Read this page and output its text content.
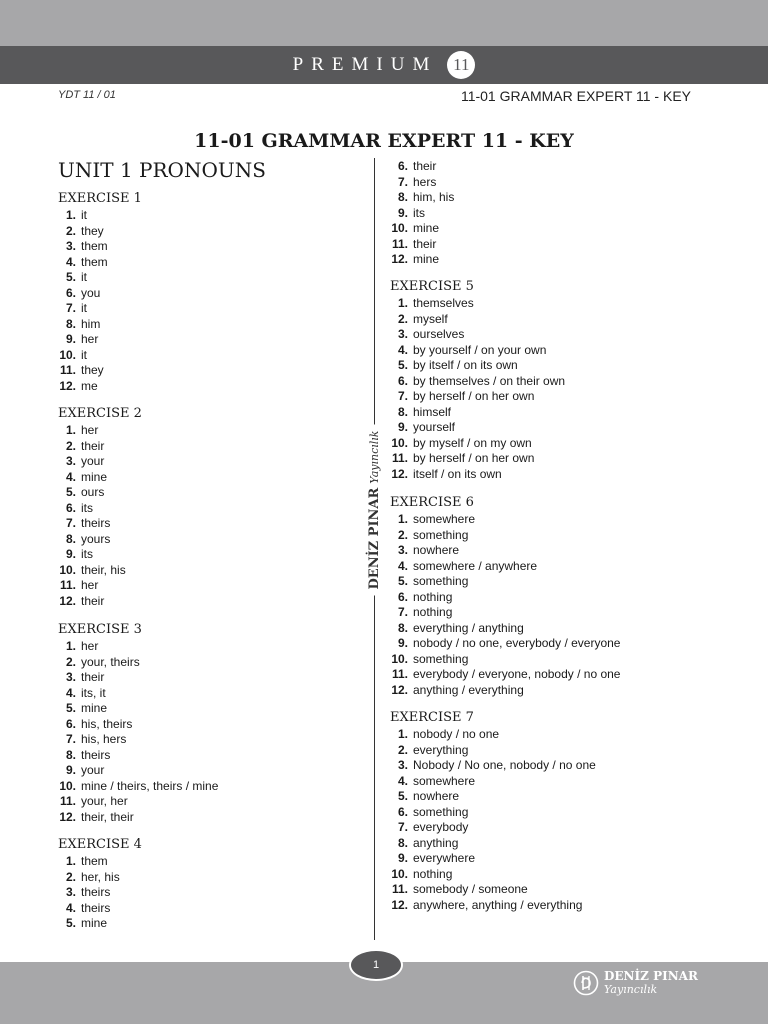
PREMIUM 11
YDT 11 / 01	11-01 GRAMMAR EXPERT 11 - KEY
11-01 GRAMMAR EXPERT 11 - KEY
UNIT 1 PRONOUNS
EXERCISE 1
1. it
2. they
3. them
4. them
5. it
6. you
7. it
8. him
9. her
10. it
11. they
12. me
EXERCISE 2
1. her
2. their
3. your
4. mine
5. ours
6. its
7. theirs
8. yours
9. its
10. their, his
11. her
12. their
EXERCISE 3
1. her
2. your, theirs
3. their
4. its, it
5. mine
6. his, theirs
7. his, hers
8. theirs
9. your
10. mine / theirs, theirs / mine
11. your, her
12. their, their
EXERCISE 4
1. them
2. her, his
3. theirs
4. theirs
5. mine
6. their
7. hers
8. him, his
9. its
10. mine
11. their
12. mine
EXERCISE 5
1. themselves
2. myself
3. ourselves
4. by yourself / on your own
5. by itself / on its own
6. by themselves / on their own
7. by herself / on her own
8. himself
9. yourself
10. by myself / on my own
11. by herself / on her own
12. itself / on its own
EXERCISE 6
1. somewhere
2. something
3. nowhere
4. somewhere / anywhere
5. something
6. nothing
7. nothing
8. everything / anything
9. nobody / no one, everybody / everyone
10. something
11. everybody / everyone, nobody / no one
12. anything / everything
EXERCISE 7
1. nobody / no one
2. everything
3. Nobody / No one, nobody / no one
4. somewhere
5. nowhere
6. something
7. everybody
8. anything
9. everywhere
10. nothing
11. somebody / someone
12. anywhere, anything / everything
DENİZ PINARYayıncılık
1
DENİZ PINAR
Yayıncılık
